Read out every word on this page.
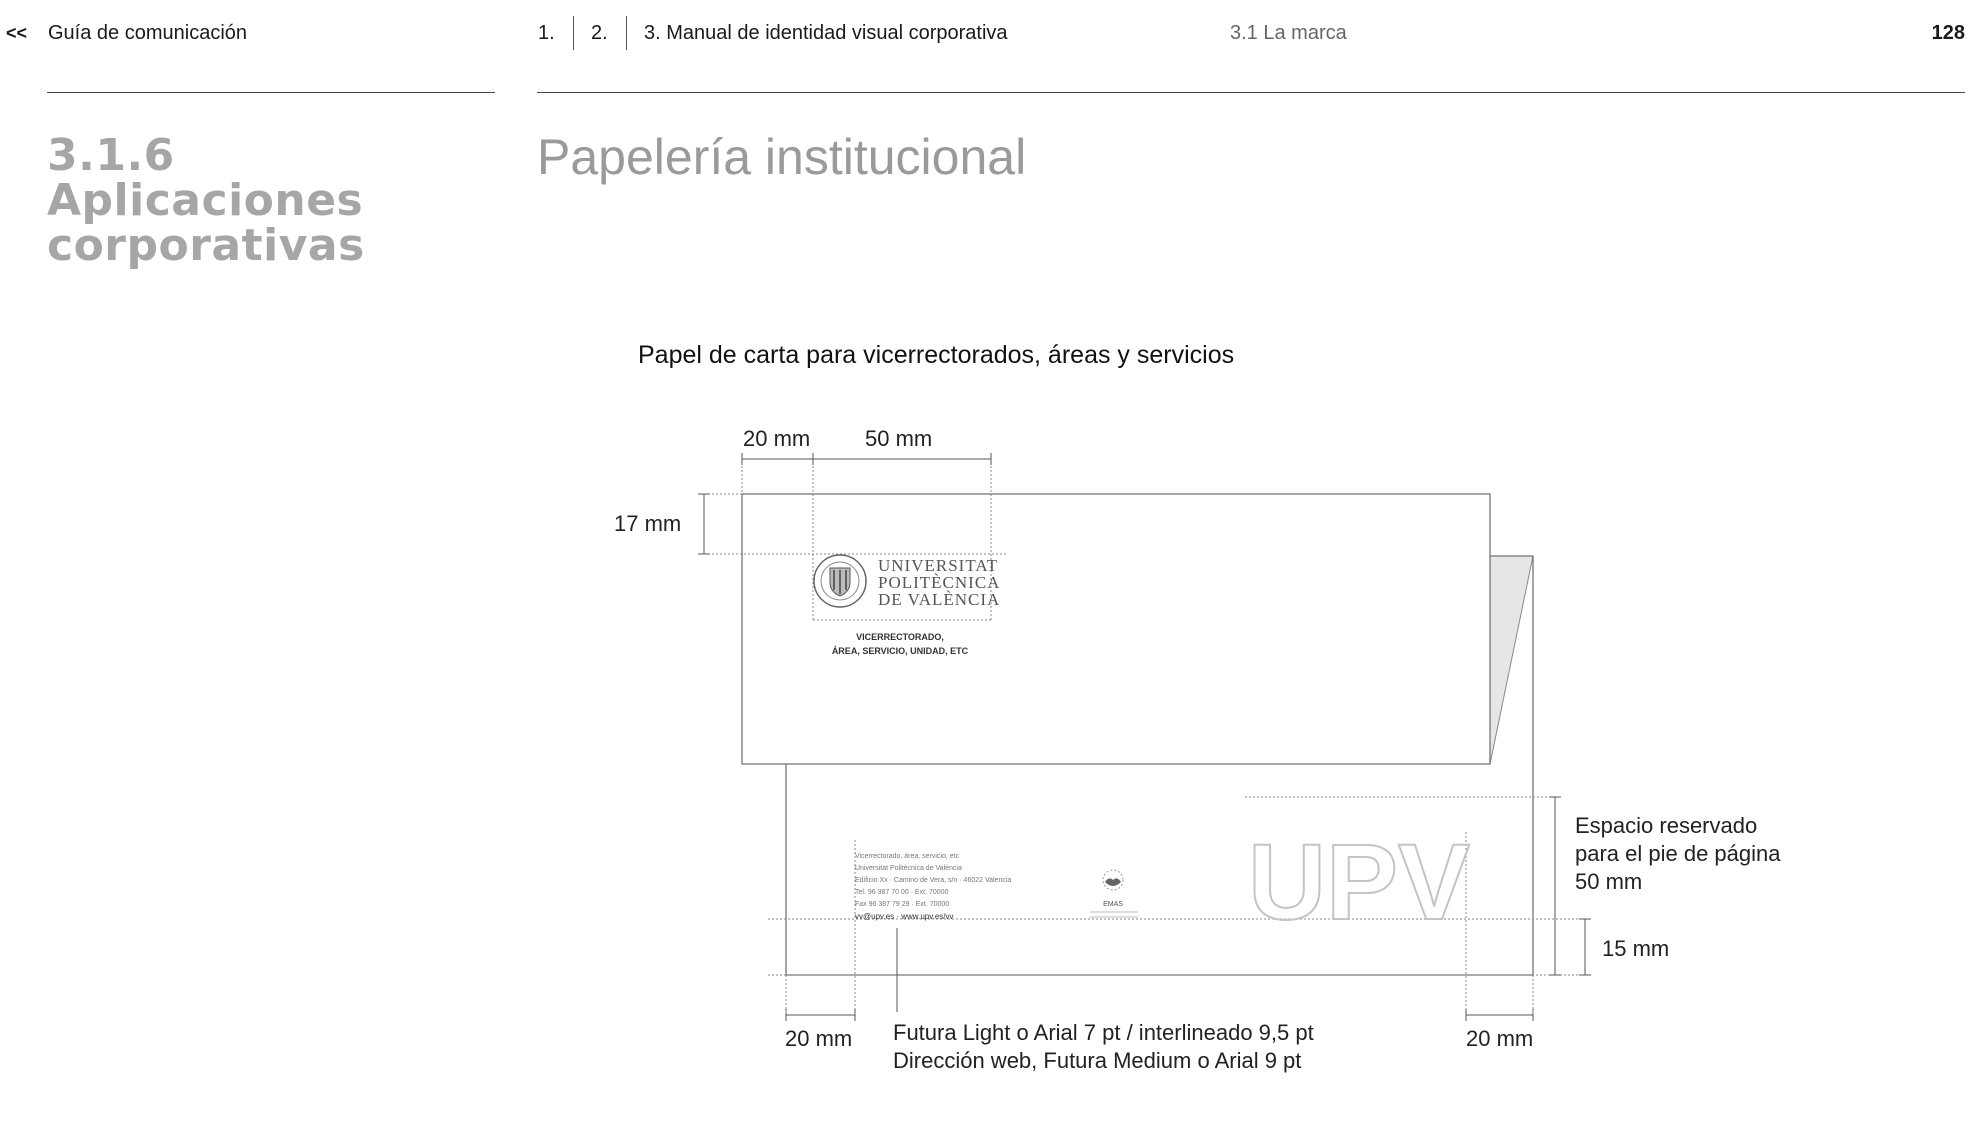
<< Guía de comunicación	1. 2. 3. Manual de identidad visual corporativa	3.1 La marca	128
3.1.6
Aplicaciones
corporativas
Papelería institucional
Papel de carta para vicerrectorados, áreas y servicios
20 mm 50 mm
17 mm
UNIVERSITAT
POLITÈCNICA
DE VALÈNCIA
VICERRECTORADO,
ÁREA, SERVICIO, UNIDAD, ETC
Vicerrectorado, área, servicio, etc
Universitat Politècnica de València
Edificio Xx · Camino de Vera, s/n · 46022 Valencia
Tel. 96 387 70 00 · Ext. 70000
Fax 96 387 79 29 · Ext. 70000
vv@upv.es · www.upv.es/vv
EMAS UPV	Espacio reservado
para el pie de página
50 mm
15 mm
20 mm	20 mm
Futura Light o Arial 7 pt / interlineado 9,5 pt
Dirección web, Futura Medium o Arial 9 pt
